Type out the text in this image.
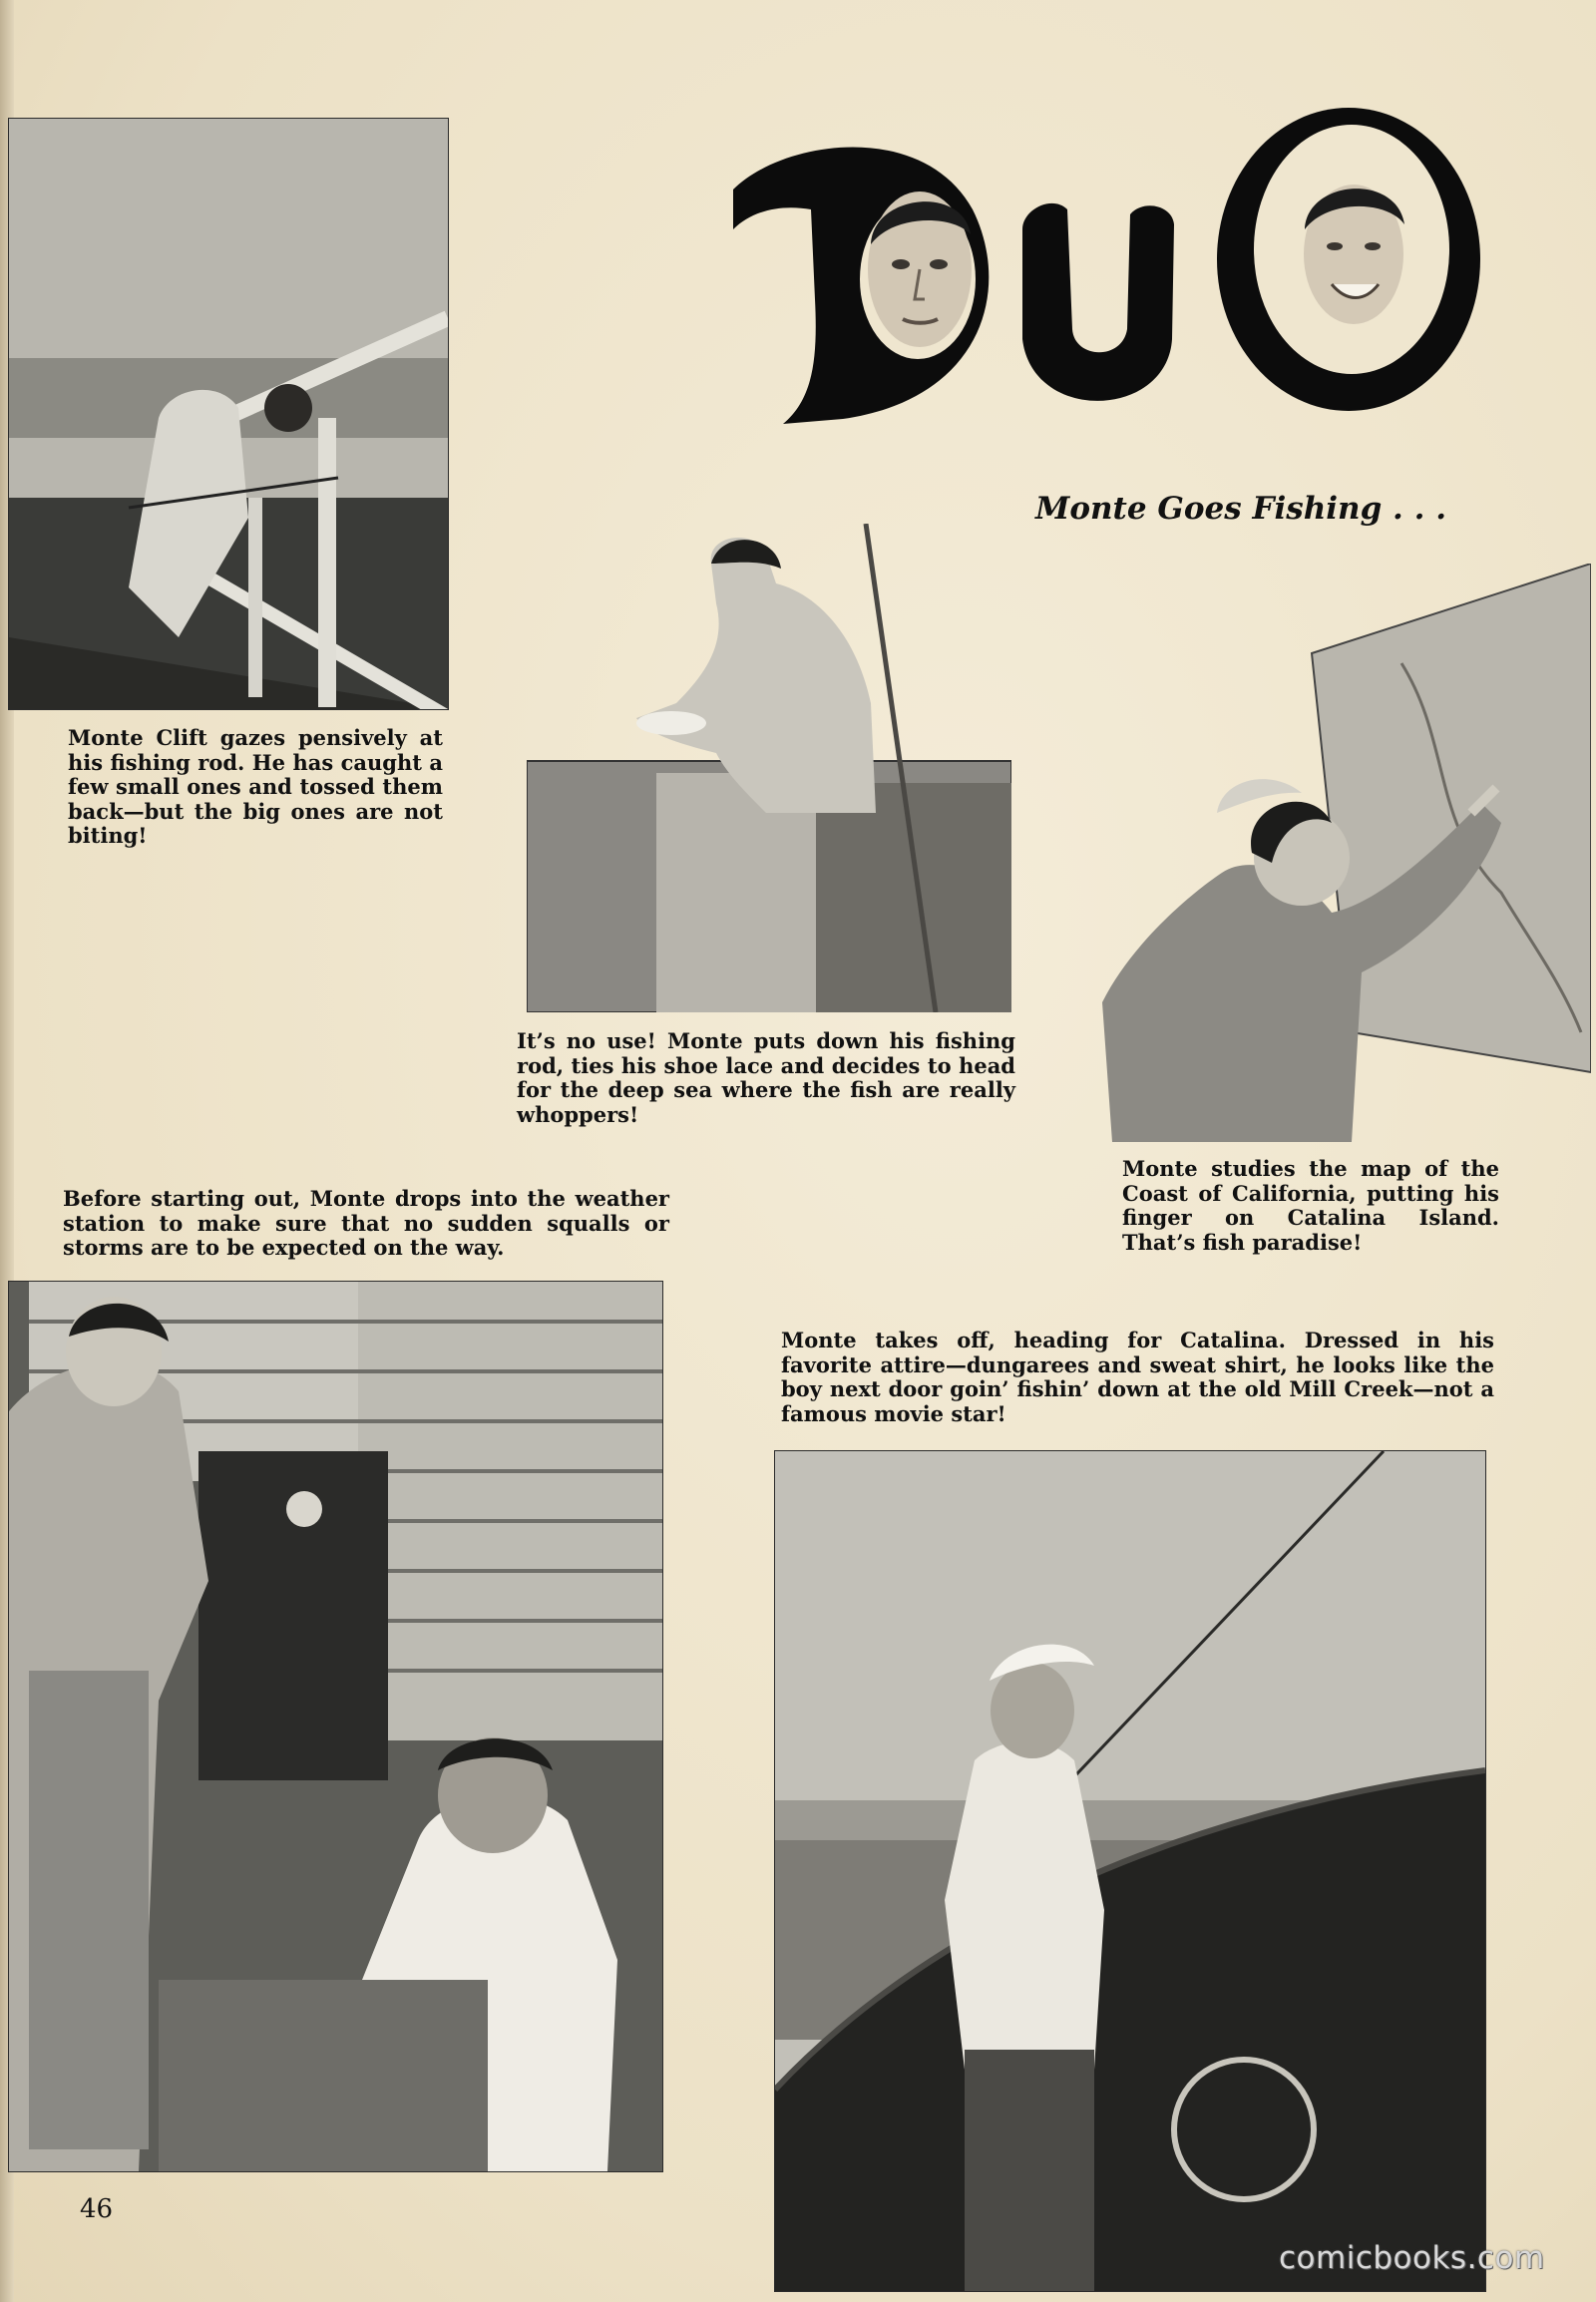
Monte Goes Fishing . . .
Monte Clift gazes pensively at his fishing rod. He has caught a few small ones and tossed them back—but the big ones are not biting!
It’s no use! Monte puts down his fishing rod, ties his shoe lace and decides to head for the deep sea where the fish are really whoppers!
Monte studies the map of the Coast of California, putting his finger on Catalina Island. That’s fish paradise!
Before starting out, Monte drops into the weather station to make sure that no sudden squalls or storms are to be expected on the way.
Monte takes off, heading for Catalina. Dressed in his favorite attire—dungarees and sweat shirt, he looks like the boy next door goin’ fishin’ down at the old Mill Creek—not a famous movie star!
46
comicbooks.com
